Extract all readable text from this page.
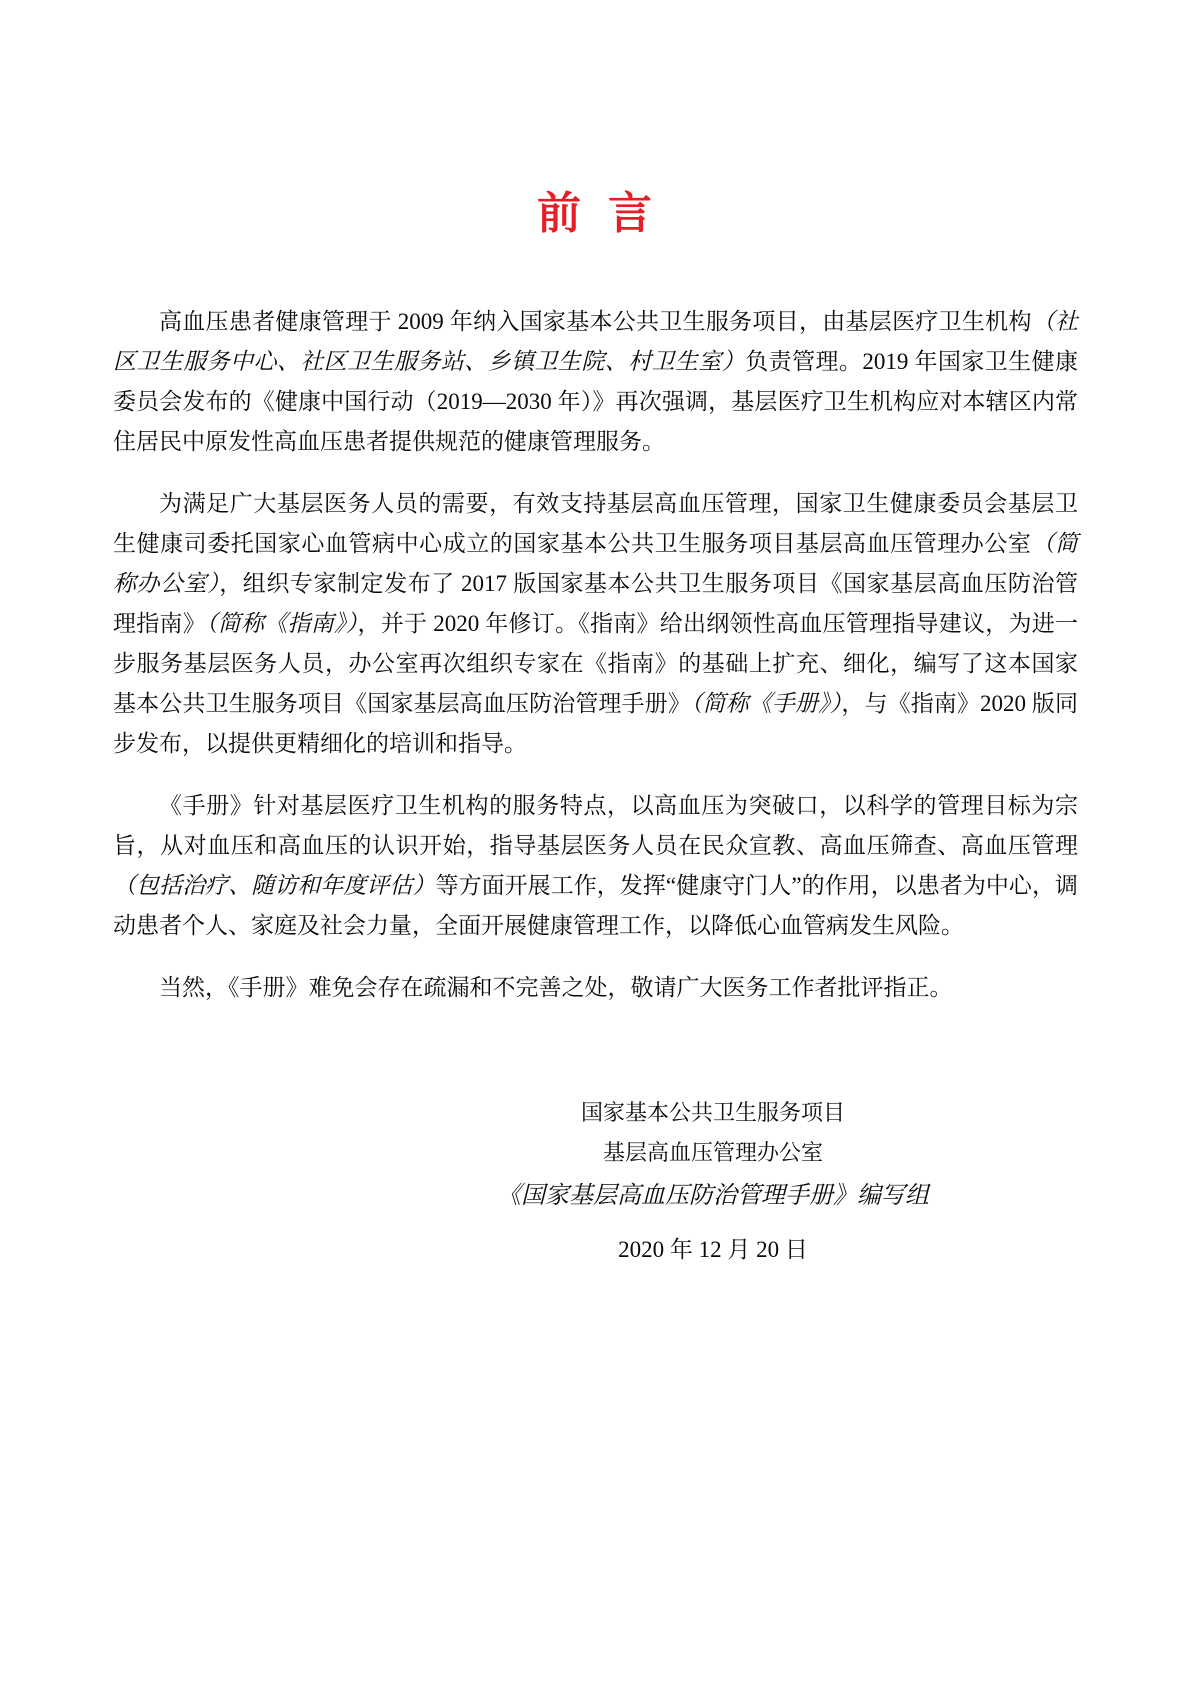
前 言

高血压患者健康管理于 2009 年纳入国家基本公共卫生服务项目，由基层医疗卫生机构（社区卫生服务中心、社区卫生服务站、乡镇卫生院、村卫生室）负责管理。2019 年国家卫生健康委员会发布的《健康中国行动（2019—2030 年）》再次强调，基层医疗卫生机构应对本辖区内常住居民中原发性高血压患者提供规范的健康管理服务。

为满足广大基层医务人员的需要，有效支持基层高血压管理，国家卫生健康委员会基层卫生健康司委托国家心血管病中心成立的国家基本公共卫生服务项目基层高血压管理办公室（简称办公室），组织专家制定发布了 2017 版国家基本公共卫生服务项目《国家基层高血压防治管理指南》（简称《指南》），并于 2020 年修订。《指南》给出纲领性高血压管理指导建议，为进一步服务基层医务人员，办公室再次组织专家在《指南》的基础上扩充、细化，编写了这本国家基本公共卫生服务项目《国家基层高血压防治管理手册》（简称《手册》），与《指南》2020 版同步发布，以提供更精细化的培训和指导。

《手册》针对基层医疗卫生机构的服务特点，以高血压为突破口，以科学的管理目标为宗旨，从对血压和高血压的认识开始，指导基层医务人员在民众宣教、高血压筛查、高血压管理（包括治疗、随访和年度评估）等方面开展工作，发挥“健康守门人”的作用，以患者为中心，调动患者个人、家庭及社会力量，全面开展健康管理工作，以降低心血管病发生风险。

当然，《手册》难免会存在疏漏和不完善之处，敬请广大医务工作者批评指正。

国家基本公共卫生服务项目
基层高血压管理办公室
《国家基层高血压防治管理手册》编写组
2020 年 12 月 20 日
